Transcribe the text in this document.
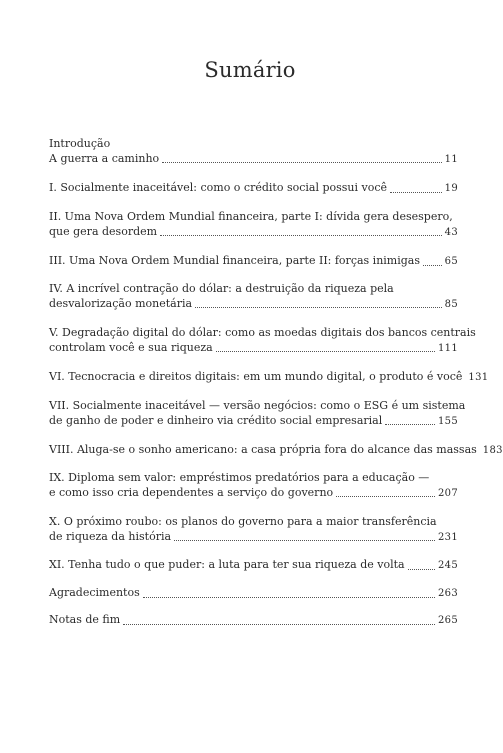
Sumário
Introdução
A guerra a caminho	11
I. Socialmente inaceitável: como o crédito social possui você	19
II. Uma Nova Ordem Mundial financeira, parte I: dívida gera desespero,
que gera desordem	43
III. Uma Nova Ordem Mundial financeira, parte II: forças inimigas 65
IV. A incrível contração do dólar: a destruição da riqueza pela
desvalorização monetária	85
V. Degradação digital do dólar: como as moedas digitais dos bancos centrais
controlam você e sua riqueza	111
VI. Tecnocracia e direitos digitais: em um mundo digital, o produto é você 131
VII. Socialmente inaceitável — versão negócios: como o ESG é um sistema
de ganho de poder e dinheiro via crédito social empresarial	155
VIII. Aluga-se o sonho americano: a casa própria fora do alcance das massas 183
IX. Diploma sem valor: empréstimos predatórios para a educação —
e como isso cria dependentes a serviço do governo	207
X. O próximo roubo: os planos do governo para a maior transferência
de riqueza da história	231
XI. Tenha tudo o que puder: a luta para ter sua riqueza de volta	245
Agradecimentos	263
Notas de fim	265
